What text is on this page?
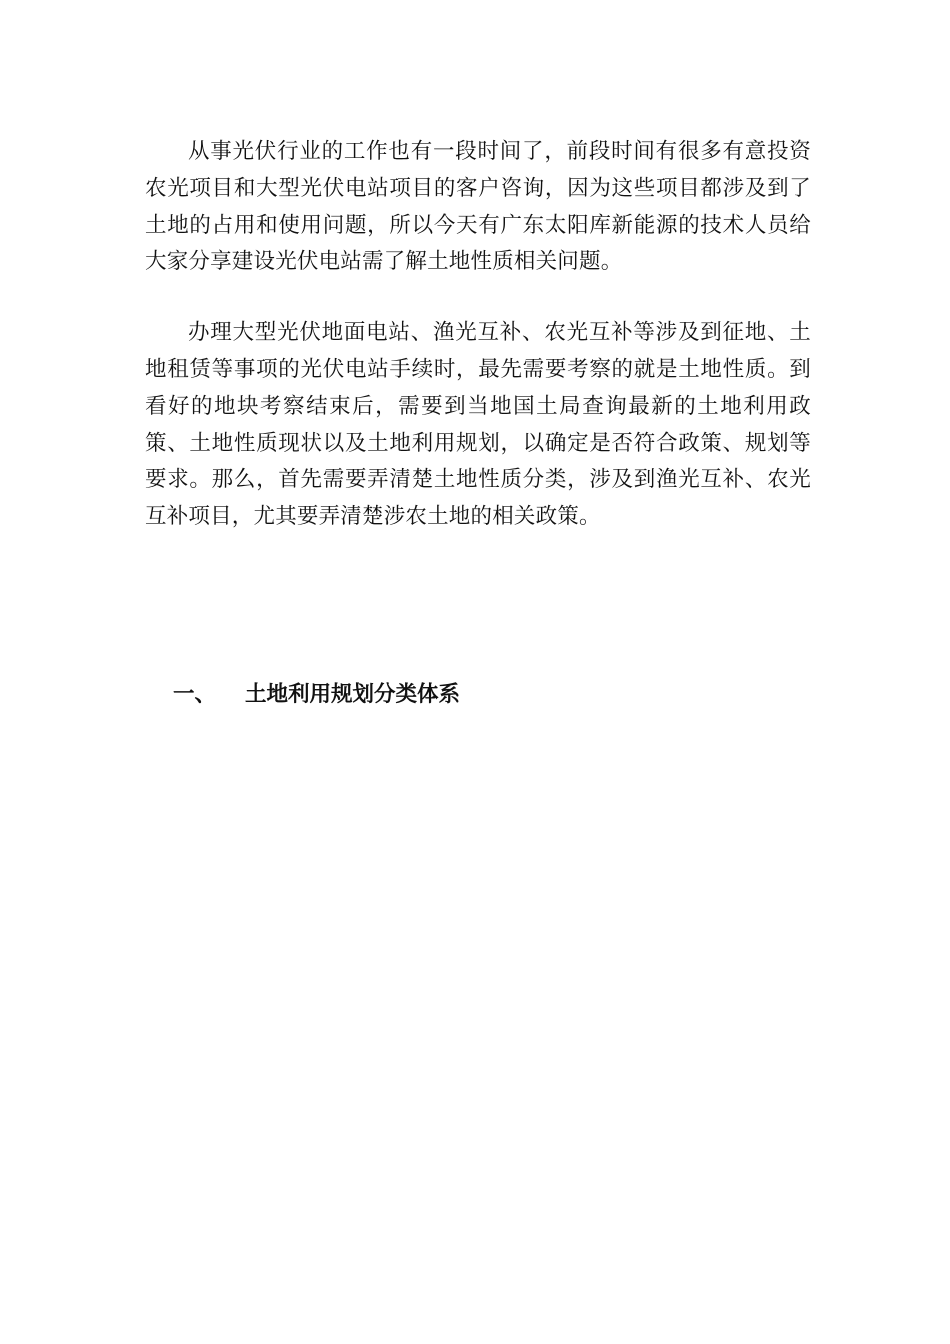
从事光伏行业的工作也有一段时间了，前段时间有很多有意投资农光项目和大型光伏电站项目的客户咨询，因为这些项目都涉及到了土地的占用和使用问题，所以今天有广东太阳库新能源的技术人员给大家分享建设光伏电站需了解土地性质相关问题。

办理大型光伏地面电站、渔光互补、农光互补等涉及到征地、土地租赁等事项的光伏电站手续时，最先需要考察的就是土地性质。到看好的地块考察结束后，需要到当地国土局查询最新的土地利用政策、土地性质现状以及土地利用规划，以确定是否符合政策、规划等要求。那么，首先需要弄清楚土地性质分类，涉及到渔光互补、农光互补项目，尤其要弄清楚涉农土地的相关政策。

一、 土地利用规划分类体系
